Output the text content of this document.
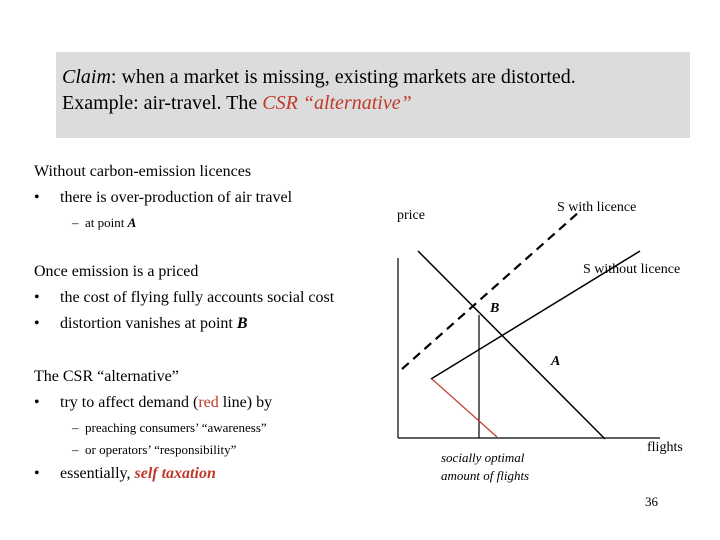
Claim: when a market is missing, existing markets are distorted.
Example: air-travel. The CSR “alternative”
Without carbon-emission licences
• there is over-production of air travel
–  at point A
Once emission is a priced
• the cost of flying fully accounts social cost
• distortion vanishes at point B
The CSR “alternative”
• try to affect demand (red line) by
–  preaching consumers’ “awareness”
–  or operators’ “responsibility”
• essentially, self taxation
price
S with licence
S without licence
B
A
socially optimal
amount of flights
flights
36
